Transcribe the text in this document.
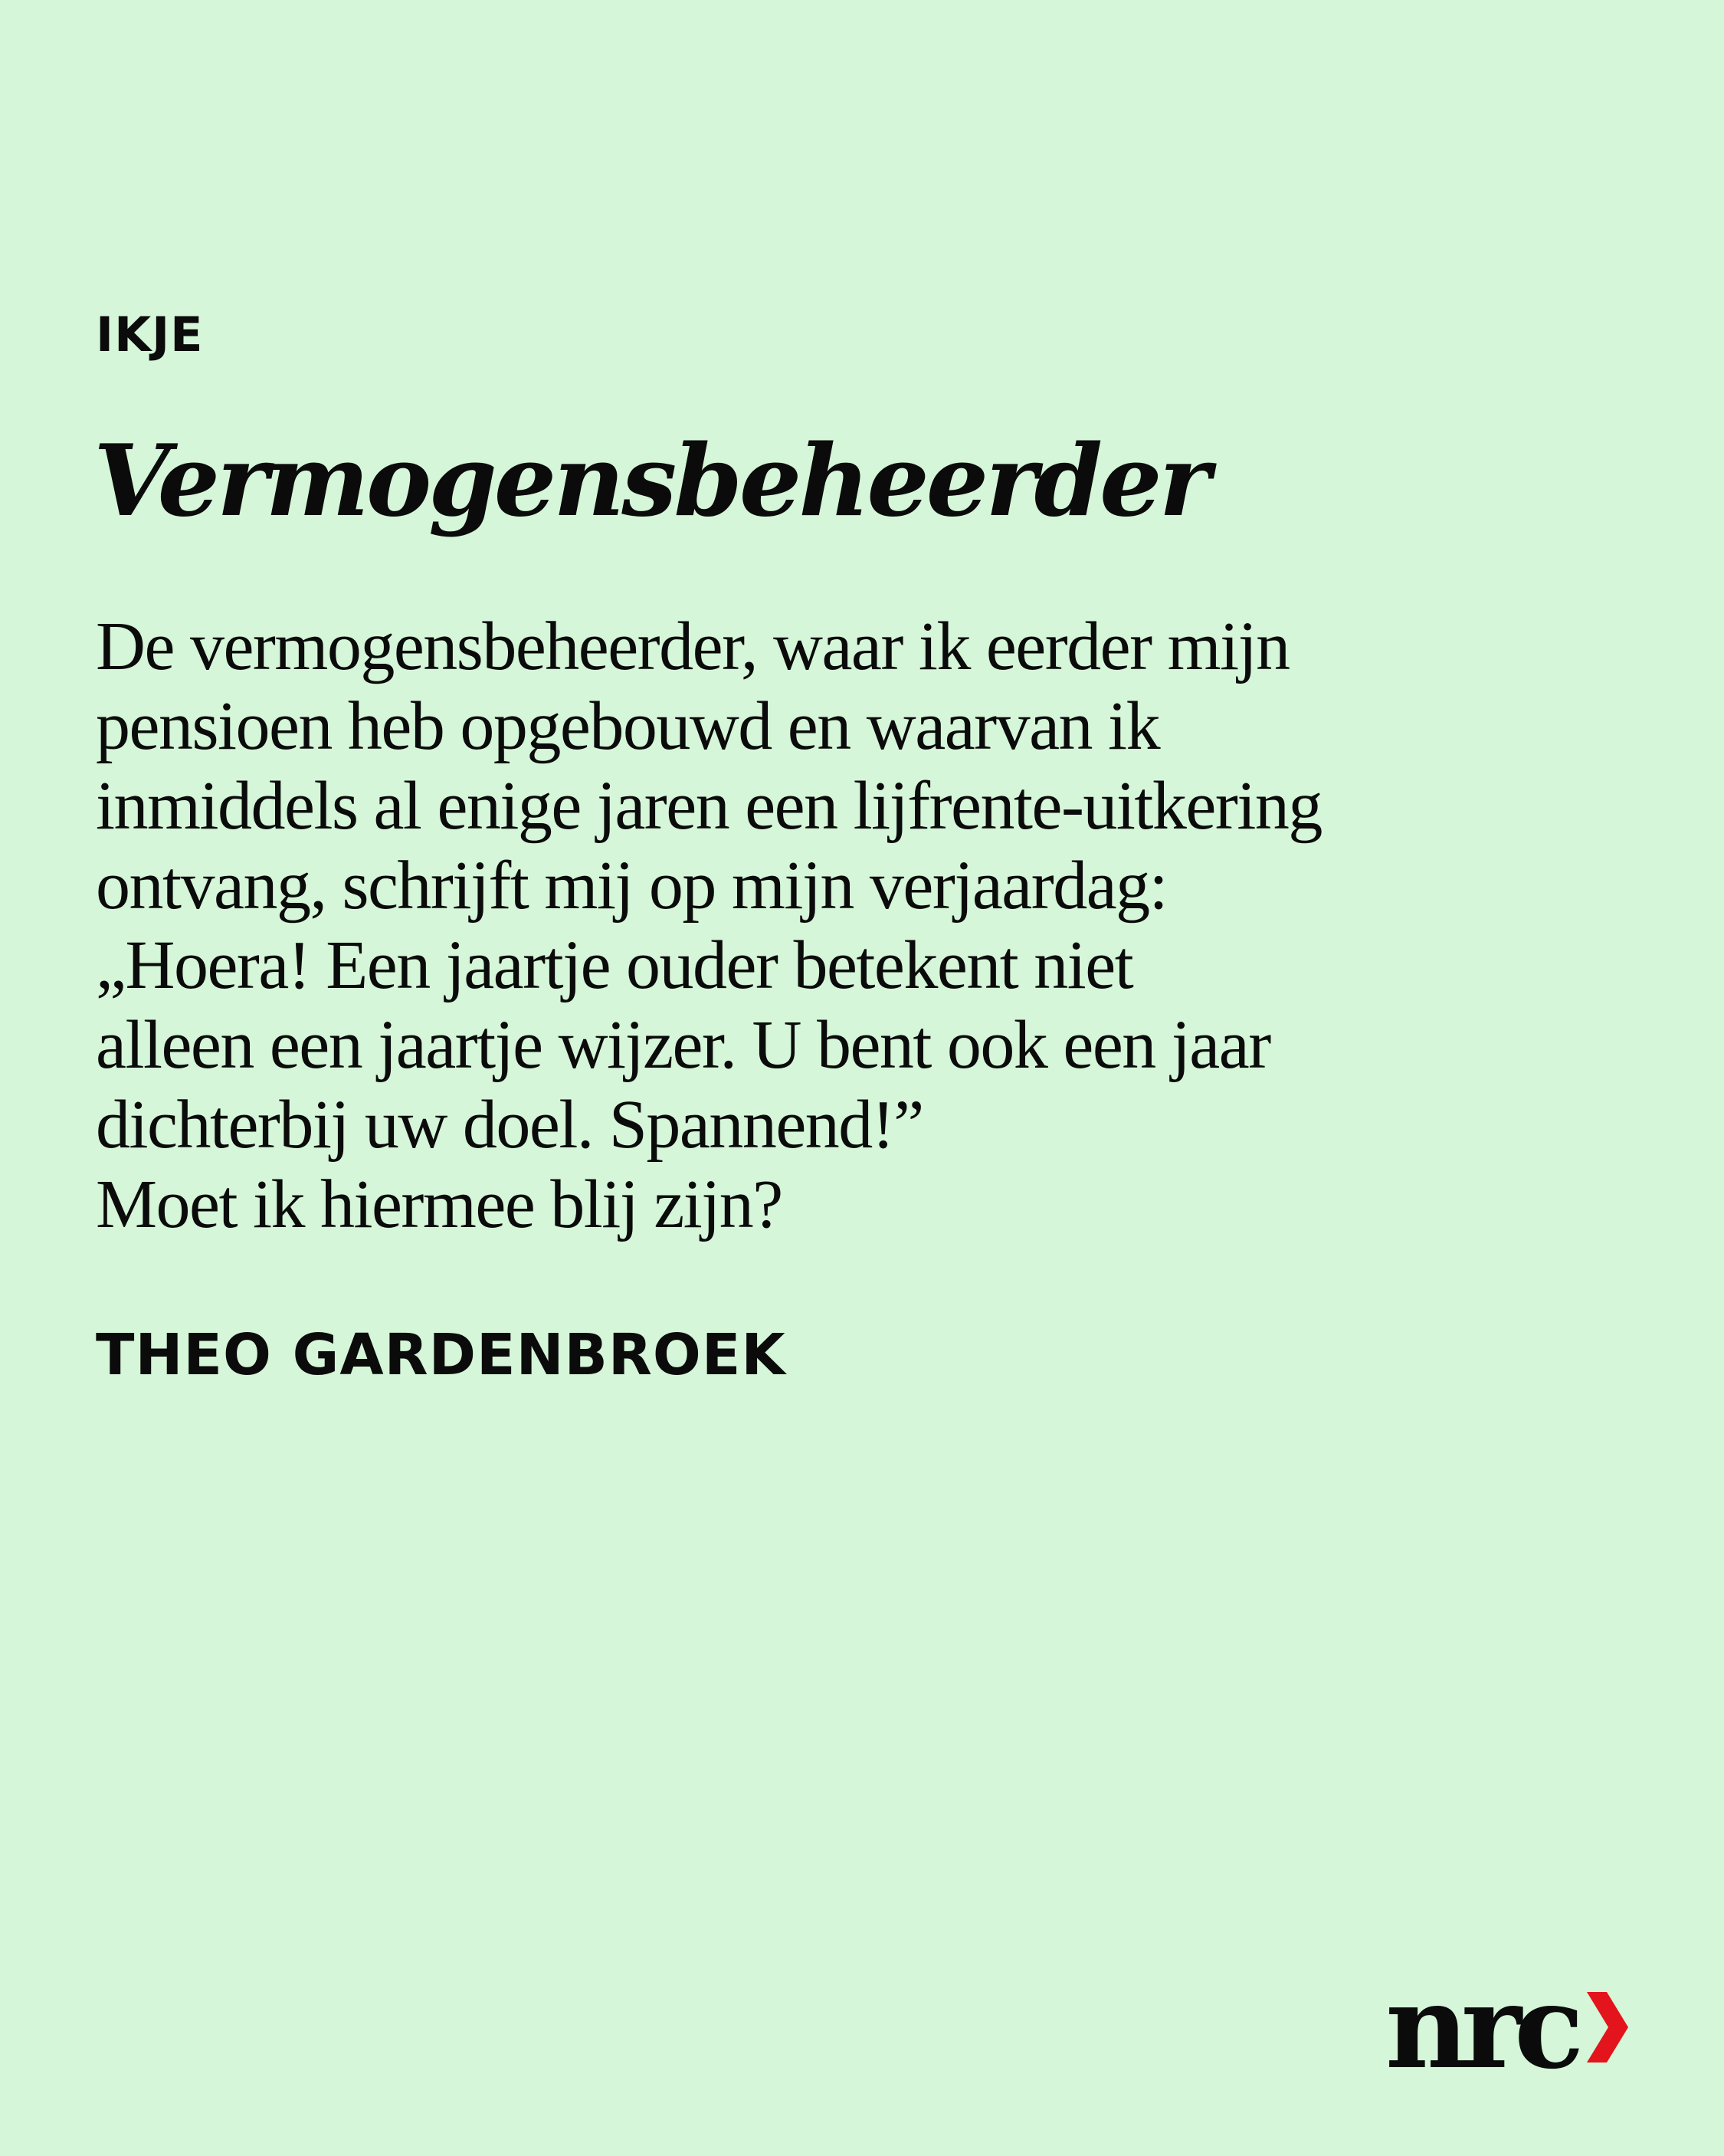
IKJE
Vermogensbeheerder
De vermogensbeheerder, waar ik eerder mijn
pensioen heb opgebouwd en waarvan ik
inmiddels al enige jaren een lijfrente-uitkering
ontvang, schrijft mij op mijn verjaardag:
„Hoera! Een jaartje ouder betekent niet
alleen een jaartje wijzer. U bent ook een jaar
dichterbij uw doel. Spannend!”
Moet ik hiermee blij zijn?

THEO GARDENBROEK

nrc
